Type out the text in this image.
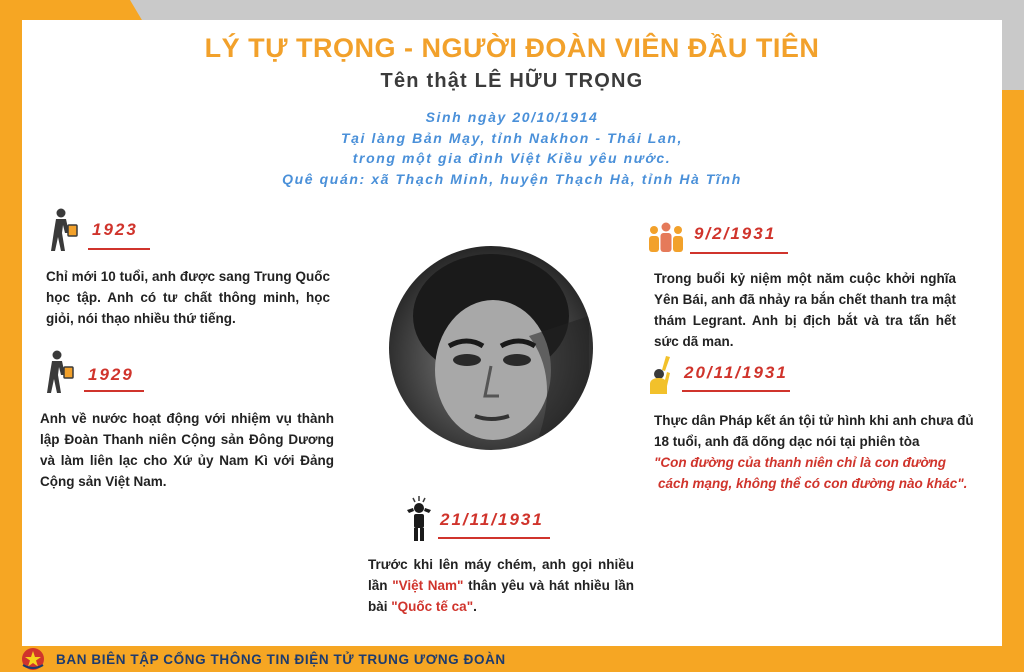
LÝ TỰ TRỌNG - NGƯỜI ĐOÀN VIÊN ĐẦU TIÊN
Tên thật LÊ HỮU TRỌNG
Sinh ngày 20/10/1914
Tại làng Bản Mạy, tỉnh Nakhon - Thái Lan,
trong một gia đình Việt Kiều yêu nước.
Quê quán: xã Thạch Minh, huyện Thạch Hà, tỉnh Hà Tĩnh
1923
Chỉ mới 10 tuổi, anh được sang Trung Quốc học tập. Anh có tư chất thông minh, học giỏi, nói thạo nhiều thứ tiếng.
1929
Anh về nước hoạt động với nhiệm vụ thành lập Đoàn Thanh niên Cộng sản Đông Dương và làm liên lạc cho Xứ ủy Nam Kì với Đảng Cộng sản Việt Nam.
9/2/1931
Trong buổi kỷ niệm một năm cuộc khởi nghĩa Yên Bái, anh đã nhảy ra bắn chết thanh tra mật thám Legrant. Anh bị địch bắt và tra tấn hết sức dã man.
20/11/1931
Thực dân Pháp kết án tội tử hình khi anh chưa đủ 18 tuổi, anh đã dõng dạc nói tại phiên tòa
"Con đường của thanh niên chỉ là con đường
cách mạng, không thể có con đường nào khác".
21/11/1931
Trước khi lên máy chém, anh gọi nhiều lần "Việt Nam" thân yêu và hát nhiều lần bài "Quốc tế ca".
BAN BIÊN TẬP CỔNG THÔNG TIN ĐIỆN TỬ TRUNG ƯƠNG ĐOÀN
